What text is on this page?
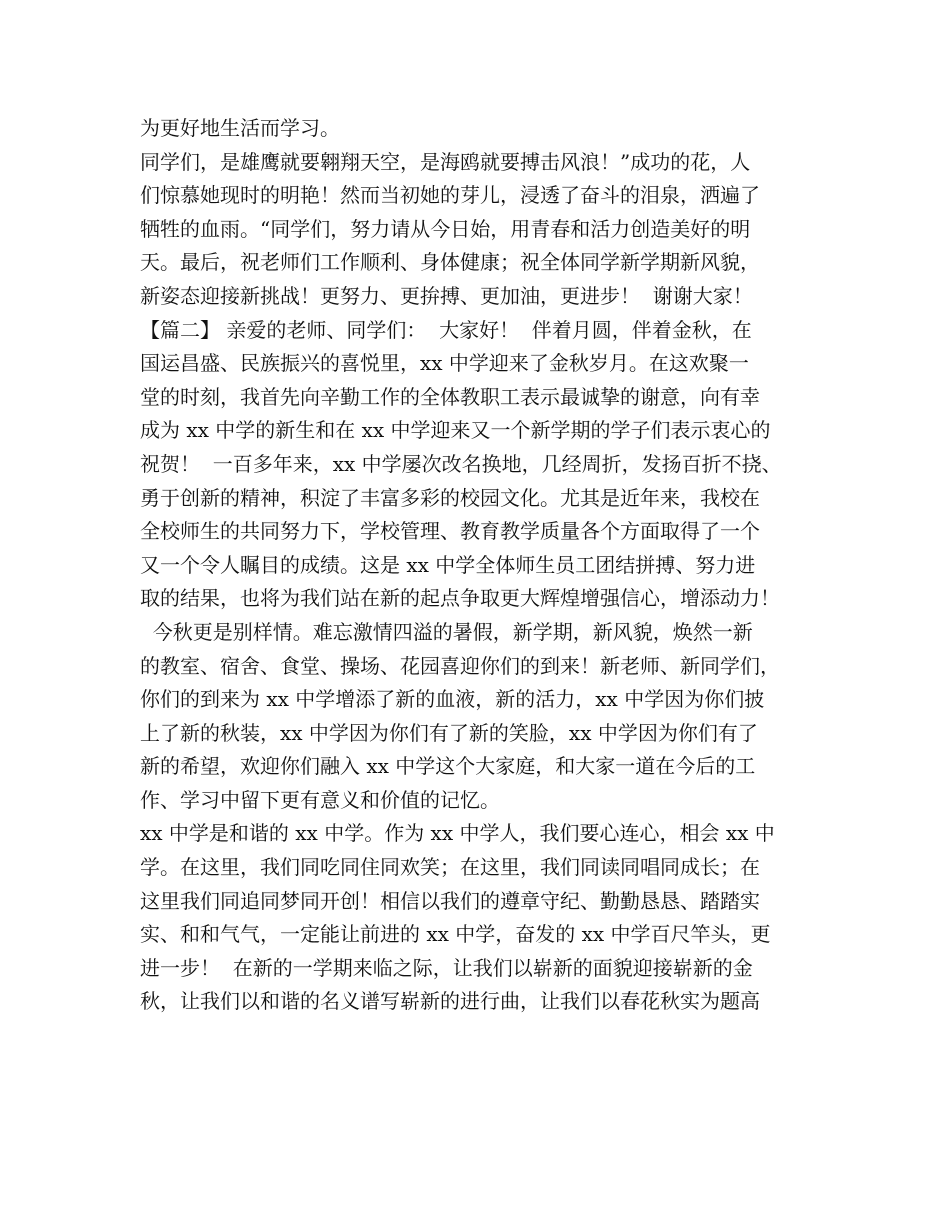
为更好地生活而学习。
同学们，是雄鹰就要翱翔天空，是海鸥就要搏击风浪！”成功的花，人
们惊慕她现时的明艳！然而当初她的芽儿，浸透了奋斗的泪泉，洒遍了
牺牲的血雨。“同学们，努力请从今日始，用青春和活力创造美好的明
天。最后，祝老师们工作顺利、身体健康；祝全体同学新学期新风貌，
新姿态迎接新挑战！更努力、更拚搏、更加油，更进步！  谢谢大家！
【篇二】 亲爱的老师、同学们：  大家好！  伴着月圆，伴着金秋，在
国运昌盛、民族振兴的喜悦里，xx 中学迎来了金秋岁月。在这欢聚一
堂的时刻，我首先向辛勤工作的全体教职工表示最诚挚的谢意，向有幸
成为 xx 中学的新生和在 xx 中学迎来又一个新学期的学子们表示衷心的
祝贺！  一百多年来，xx 中学屡次改名换地，几经周折，发扬百折不挠、
勇于创新的精神，积淀了丰富多彩的校园文化。尤其是近年来，我校在
全校师生的共同努力下，学校管理、教育教学质量各个方面取得了一个
又一个令人瞩目的成绩。这是 xx 中学全体师生员工团结拼搏、努力进
取的结果，也将为我们站在新的起点争取更大辉煌增强信心，增添动力！
今秋更是别样情。难忘激情四溢的暑假，新学期，新风貌，焕然一新
的教室、宿舍、食堂、操场、花园喜迎你们的到来！新老师、新同学们，
你们的到来为 xx 中学增添了新的血液，新的活力，xx 中学因为你们披
上了新的秋装，xx 中学因为你们有了新的笑脸，xx 中学因为你们有了
新的希望，欢迎你们融入 xx 中学这个大家庭，和大家一道在今后的工
作、学习中留下更有意义和价值的记忆。
xx 中学是和谐的 xx 中学。作为 xx 中学人，我们要心连心，相会 xx 中
学。在这里，我们同吃同住同欢笑；在这里，我们同读同唱同成长；在
这里我们同追同梦同开创！相信以我们的遵章守纪、勤勤恳恳、踏踏实
实、和和气气，一定能让前进的 xx 中学，奋发的 xx 中学百尺竿头，更
进一步！  在新的一学期来临之际，让我们以崭新的面貌迎接崭新的金
秋，让我们以和谐的名义谱写崭新的进行曲，让我们以春花秋实为题高
